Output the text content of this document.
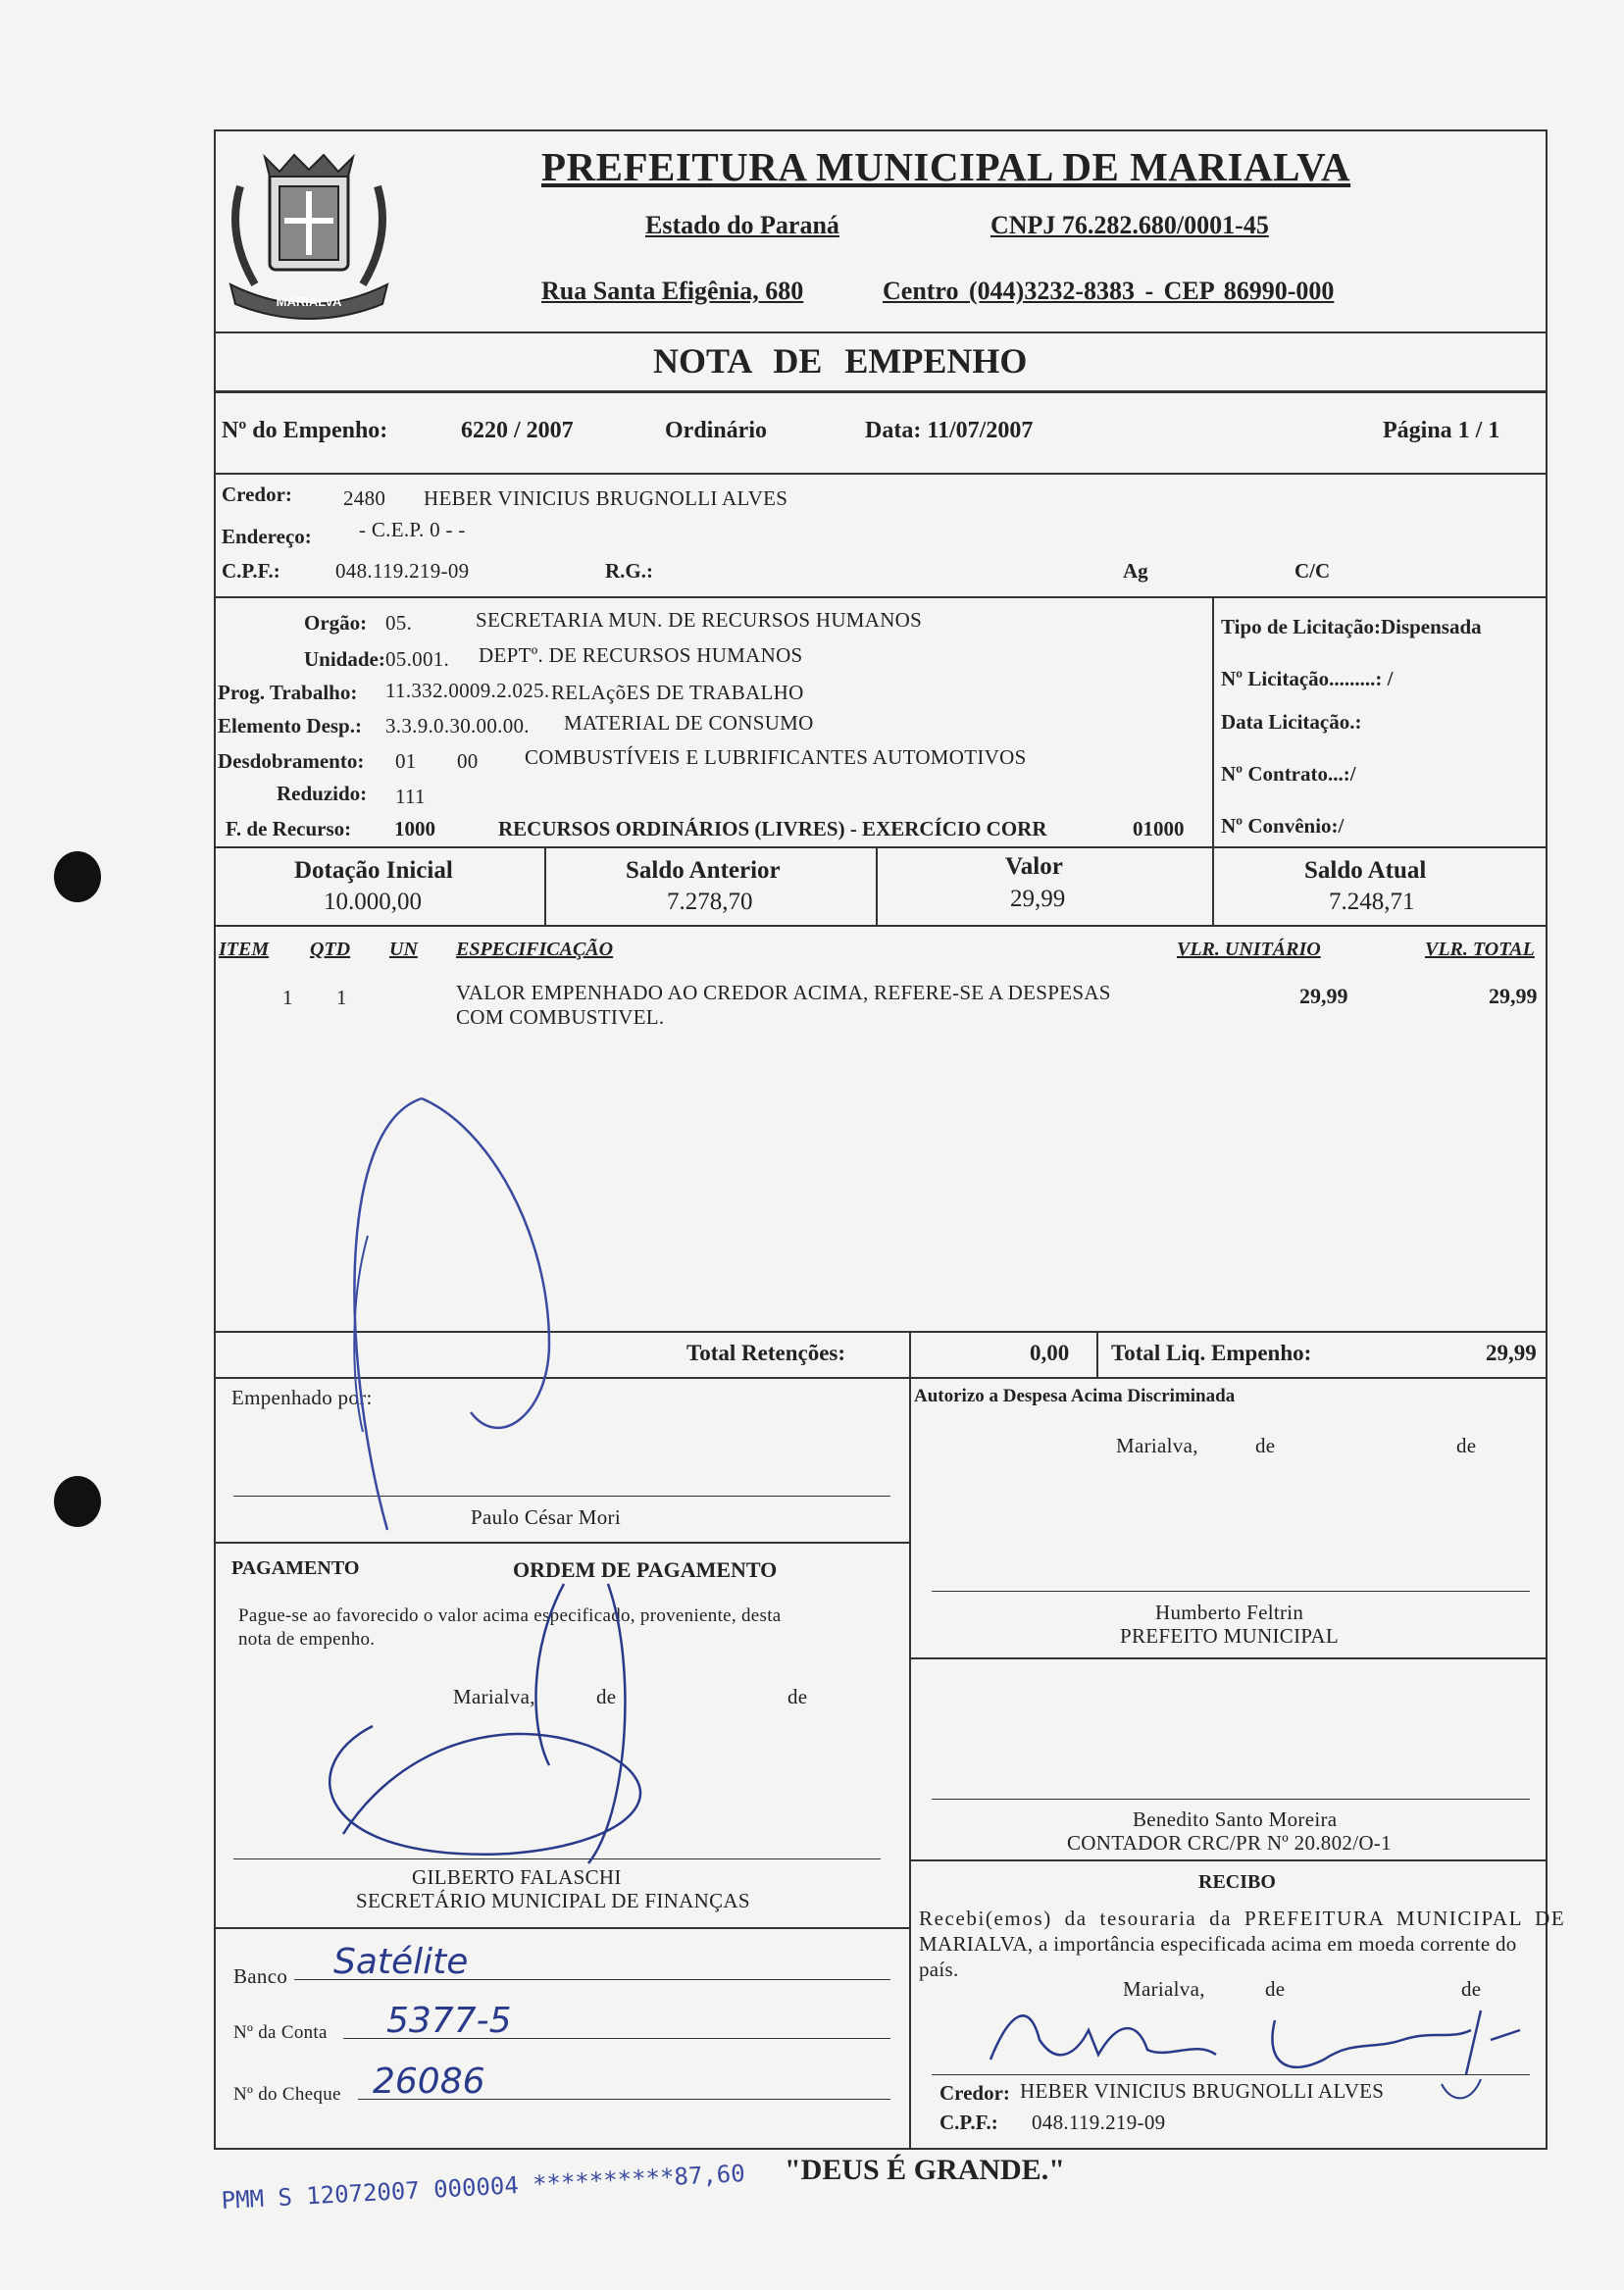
MARIALVA
PREFEITURA MUNICIPAL DE MARIALVA
Estado do Paraná	CNPJ 76.282.680/0001-45
Rua Santa Efigênia, 680	Centro (044)3232-8383 - CEP 86990-000
NOTA DE EMPENHO
Nº do Empenho:	6220 / 2007	Ordinário	Data: 11/07/2007	Página 1 / 1
Credor: 2480 HEBER VINICIUS BRUGNOLLI ALVES
Endereço: - C.E.P. 0 - -
C.P.F.:	048.119.219-09	R.G.:	Ag	C/C
Orgão: 05.	SECRETARIA MUN. DE RECURSOS HUMANOS
Unidade: 05.001. DEPTº. DE RECURSOS HUMANOS
Prog. Trabalho: 11.332.0009.2.025. RELAçõES DE TRABALHO
Elemento Desp.: 3.3.9.0.30.00.00. MATERIAL DE CONSUMO
Desdobramento: 01 00 COMBUSTÍVEIS E LUBRIFICANTES AUTOMOTIVOS
Reduzido: 111
F. de Recurso: 1000	RECURSOS ORDINÁRIOS (LIVRES) - EXERCÍCIO CORR	01000
Tipo de Licitação:Dispensada
Nº Licitação.........: /
Data Licitação.:
Nº Contrato...:/
Nº Convênio:/
Dotação Inicial
10.000,00
Saldo Anterior
7.278,70
Valor
29,99
Saldo Atual
7.248,71
ITEM QTD UN ESPECIFICAÇÃO	VLR. UNITÁRIO	VLR. TOTAL
1 1	VALOR EMPENHADO AO CREDOR ACIMA, REFERE-SE A DESPESAS
COM COMBUSTIVEL.
29,99	29,99
Total Retenções:	0,00 Total Liq. Empenho:	29,99
Empenhado por:
Paulo César Mori
Autorizo a Despesa Acima Discriminada
Marialva,	de	de
Humberto Feltrin
PREFEITO MUNICIPAL
PAGAMENTO	ORDEM DE PAGAMENTO
Pague-se ao favorecido o valor acima especificado, proveniente, desta
nota de empenho.
Marialva,	de	de
GILBERTO FALASCHI
SECRETÁRIO MUNICIPAL DE FINANÇAS
Benedito Santo Moreira
CONTADOR CRC/PR Nº 20.802/O-1
RECIBO
Recebi(emos) da tesouraria da PREFEITURA MUNICIPAL DE
MARIALVA, a importância especificada acima em moeda corrente do
país.
Marialva,	de	de
Credor: HEBER VINICIUS BRUGNOLLI ALVES
C.P.F.: 048.119.219-09
Banco Satélite
Nº da Conta 5377-5
Nº do Cheque 26086
"DEUS É GRANDE."
PMM S 12072007 000004 **********87,60
